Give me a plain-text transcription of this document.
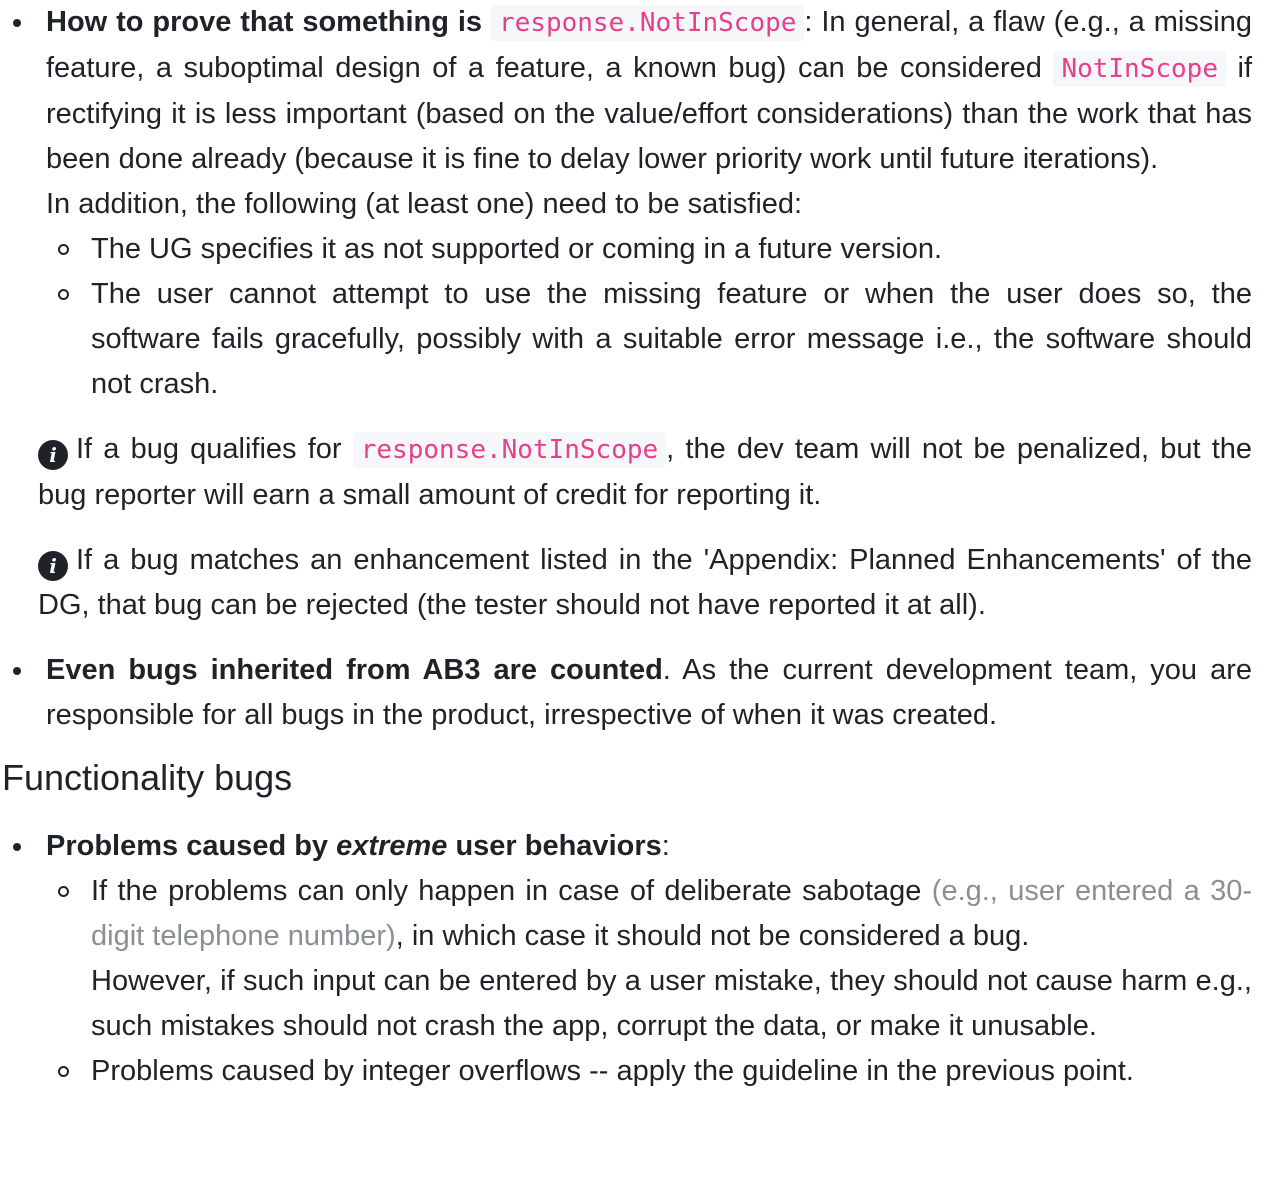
How to prove that something is response.NotInScope : In general, a flaw (e.g., a missing feature, a suboptimal design of a feature, a known bug) can be considered NotInScope if rectifying it is less important (based on the value/effort considerations) than the work that has been done already (because it is fine to delay lower priority work until future iterations).
In addition, the following (at least one) need to be satisfied:
The UG specifies it as not supported or coming in a future version.
The user cannot attempt to use the missing feature or when the user does so, the software fails gracefully, possibly with a suitable error message i.e., the software should not crash.
i If a bug qualifies for response.NotInScope , the dev team will not be penalized, but the bug reporter will earn a small amount of credit for reporting it.
i If a bug matches an enhancement listed in the 'Appendix: Planned Enhancements' of the DG, that bug can be rejected (the tester should not have reported it at all).
Even bugs inherited from AB3 are counted. As the current development team, you are responsible for all bugs in the product, irrespective of when it was created.
Functionality bugs
Problems caused by extreme user behaviors:
If the problems can only happen in case of deliberate sabotage (e.g., user entered a 30-digit telephone number), in which case it should not be considered a bug.
However, if such input can be entered by a user mistake, they should not cause harm e.g., such mistakes should not crash the app, corrupt the data, or make it unusable.
Problems caused by integer overflows -- apply the guideline in the previous point.
